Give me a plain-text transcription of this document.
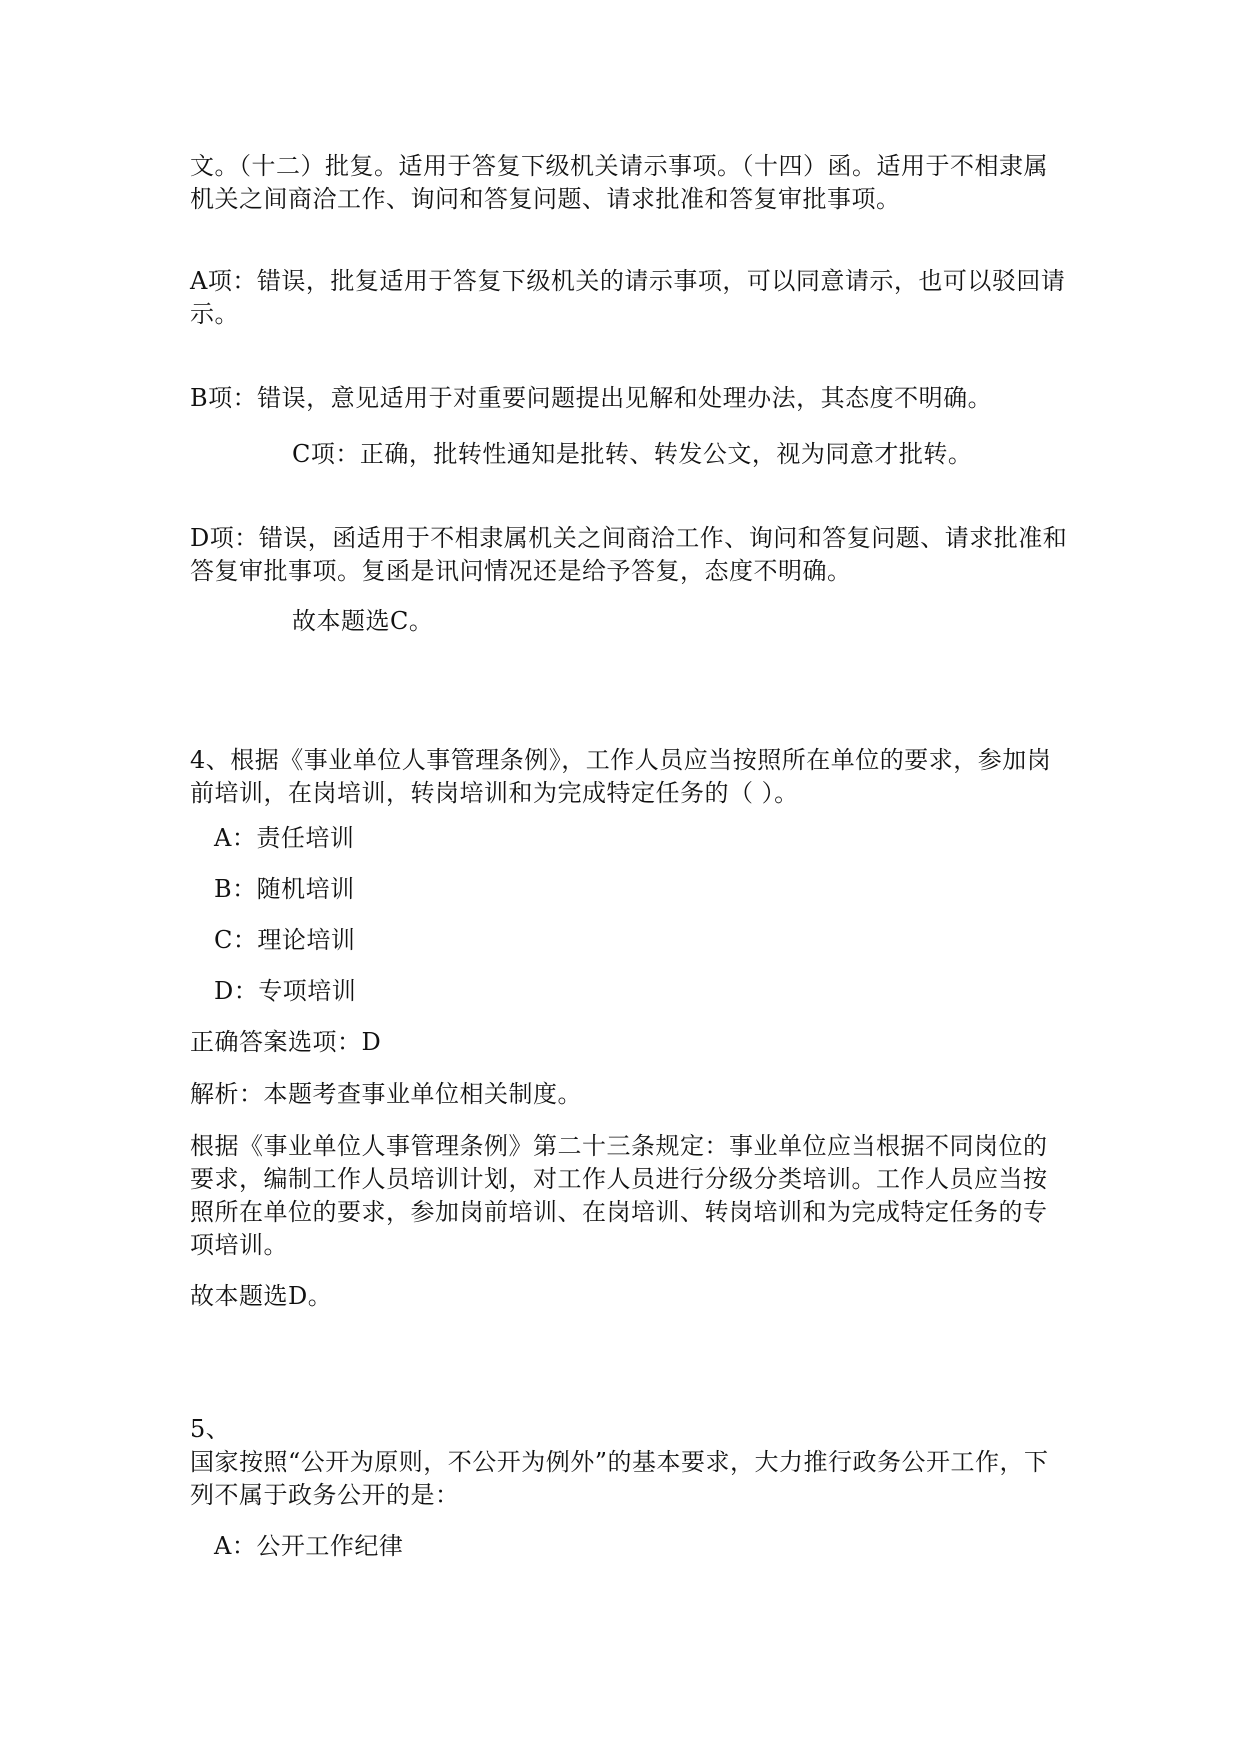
文。（十二）批复。适用于答复下级机关请示事项。（十四）函。适用于不相隶属机关之间商洽工作、询问和答复问题、请求批准和答复审批事项。
A项：错误，批复适用于答复下级机关的请示事项，可以同意请示，也可以驳回请示。
B项：错误，意见适用于对重要问题提出见解和处理办法，其态度不明确。
C项：正确，批转性通知是批转、转发公文，视为同意才批转。
D项：错误，函适用于不相隶属机关之间商洽工作、询问和答复问题、请求批准和答复审批事项。复函是讯问情况还是给予答复，态度不明确。
故本题选C。
4、根据《事业单位人事管理条例》，工作人员应当按照所在单位的要求，参加岗前培训，在岗培训，转岗培训和为完成特定任务的（ ）。
A：责任培训
B：随机培训
C：理论培训
D：专项培训
正确答案选项：D
解析：本题考查事业单位相关制度。
根据《事业单位人事管理条例》第二十三条规定：事业单位应当根据不同岗位的要求，编制工作人员培训计划，对工作人员进行分级分类培训。工作人员应当按照所在单位的要求，参加岗前培训、在岗培训、转岗培训和为完成特定任务的专项培训。
故本题选D。
5、
国家按照“公开为原则，不公开为例外”的基本要求，大力推行政务公开工作，下列不属于政务公开的是：
A：公开工作纪律
